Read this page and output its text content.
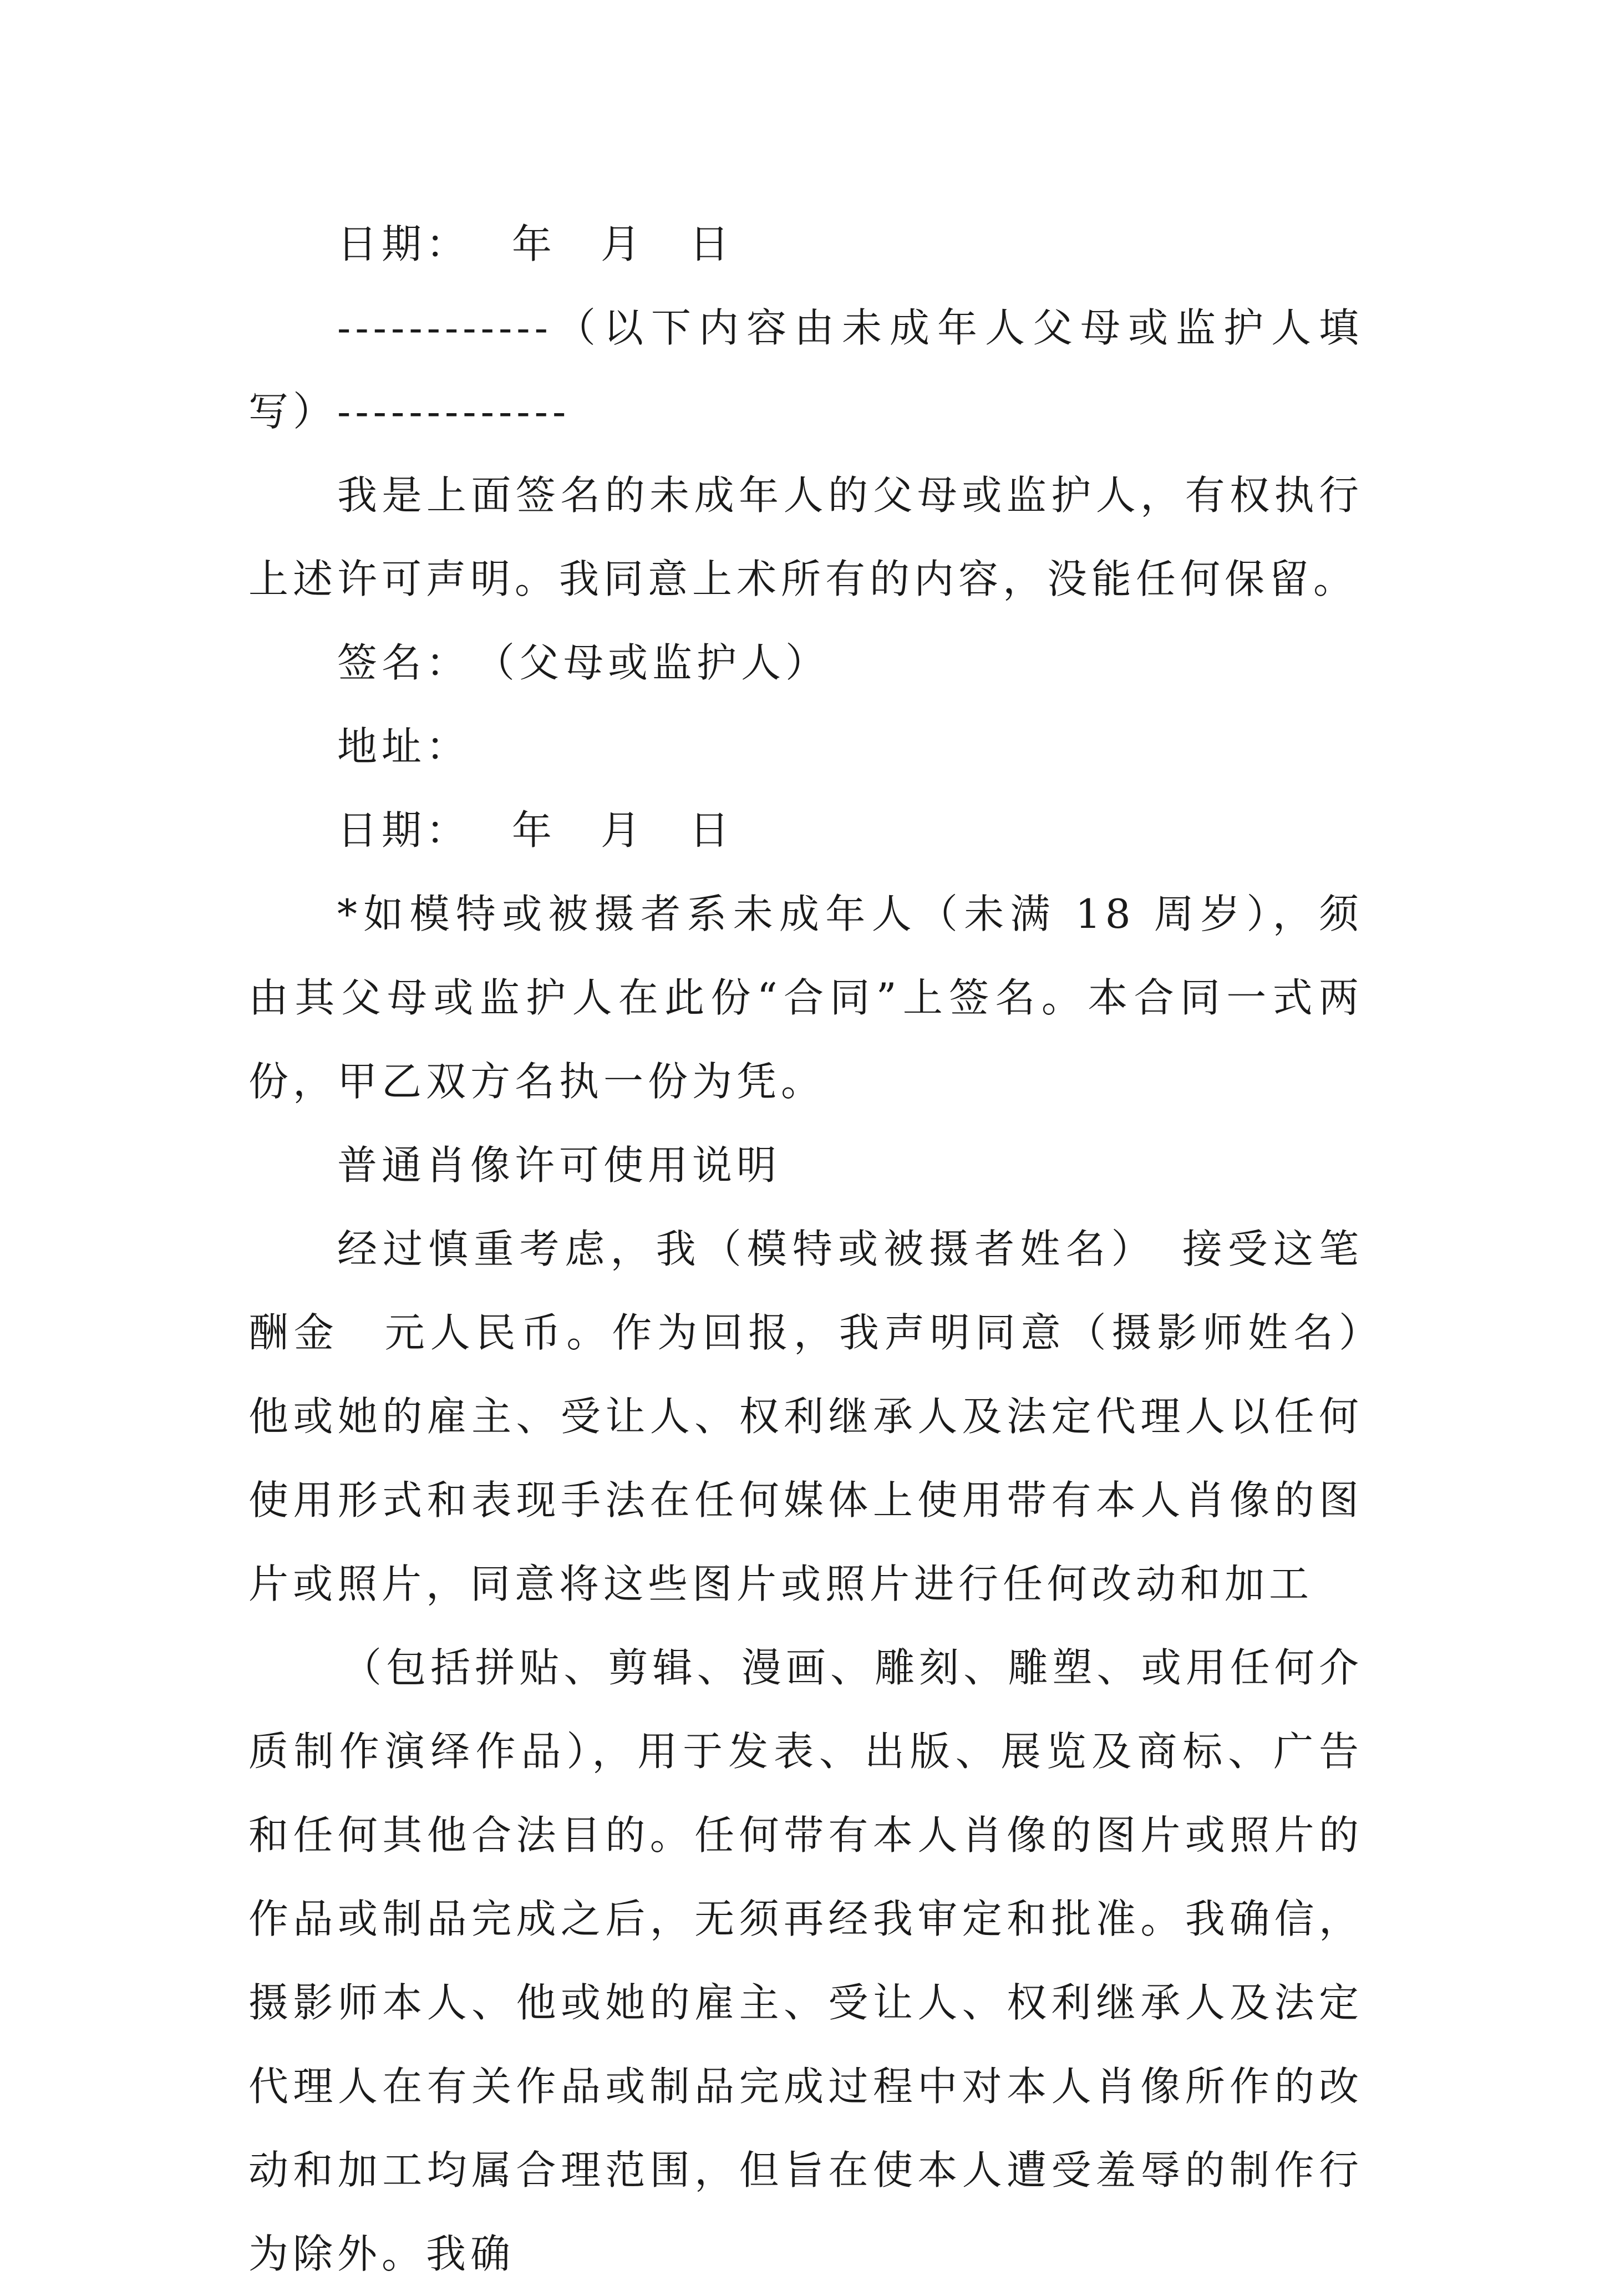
日期：　 年　月　日

------------（以下内容由未成年人父母或监护人填写）-------------

我是上面签名的未成年人的父母或监护人，有权执行上述许可声明。我同意上术所有的内容，没能任何保留。

签名：　（父母或监护人）

地址：

日期：　 年　月　日

*如模特或被摄者系未成年人（未满 18 周岁），须由其父母或监护人在此份“合同”上签名。本合同一式两份，甲乙双方名执一份为凭。

普通肖像许可使用说明

经过慎重考虑，我（模特或被摄者姓名）　接受这笔酬金　元人民币。作为回报，我声明同意（摄影师姓名）　他或她的雇主、受让人、权利继承人及法定代理人以任何使用形式和表现手法在任何媒体上使用带有本人肖像的图片或照片，同意将这些图片或照片进行任何改动和加工

（包括拼贴、剪辑、漫画、雕刻、雕塑、或用任何介质制作演绎作品），用于发表、出版、展览及商标、广告和任何其他合法目的。任何带有本人肖像的图片或照片的作品或制品完成之后，无须再经我审定和批准。我确信，摄影师本人、他或她的雇主、受让人、权利继承人及法定代理人在有关作品或制品完成过程中对本人肖像所作的改动和加工均属合理范围，但旨在使本人遭受羞辱的制作行为除外。我确
